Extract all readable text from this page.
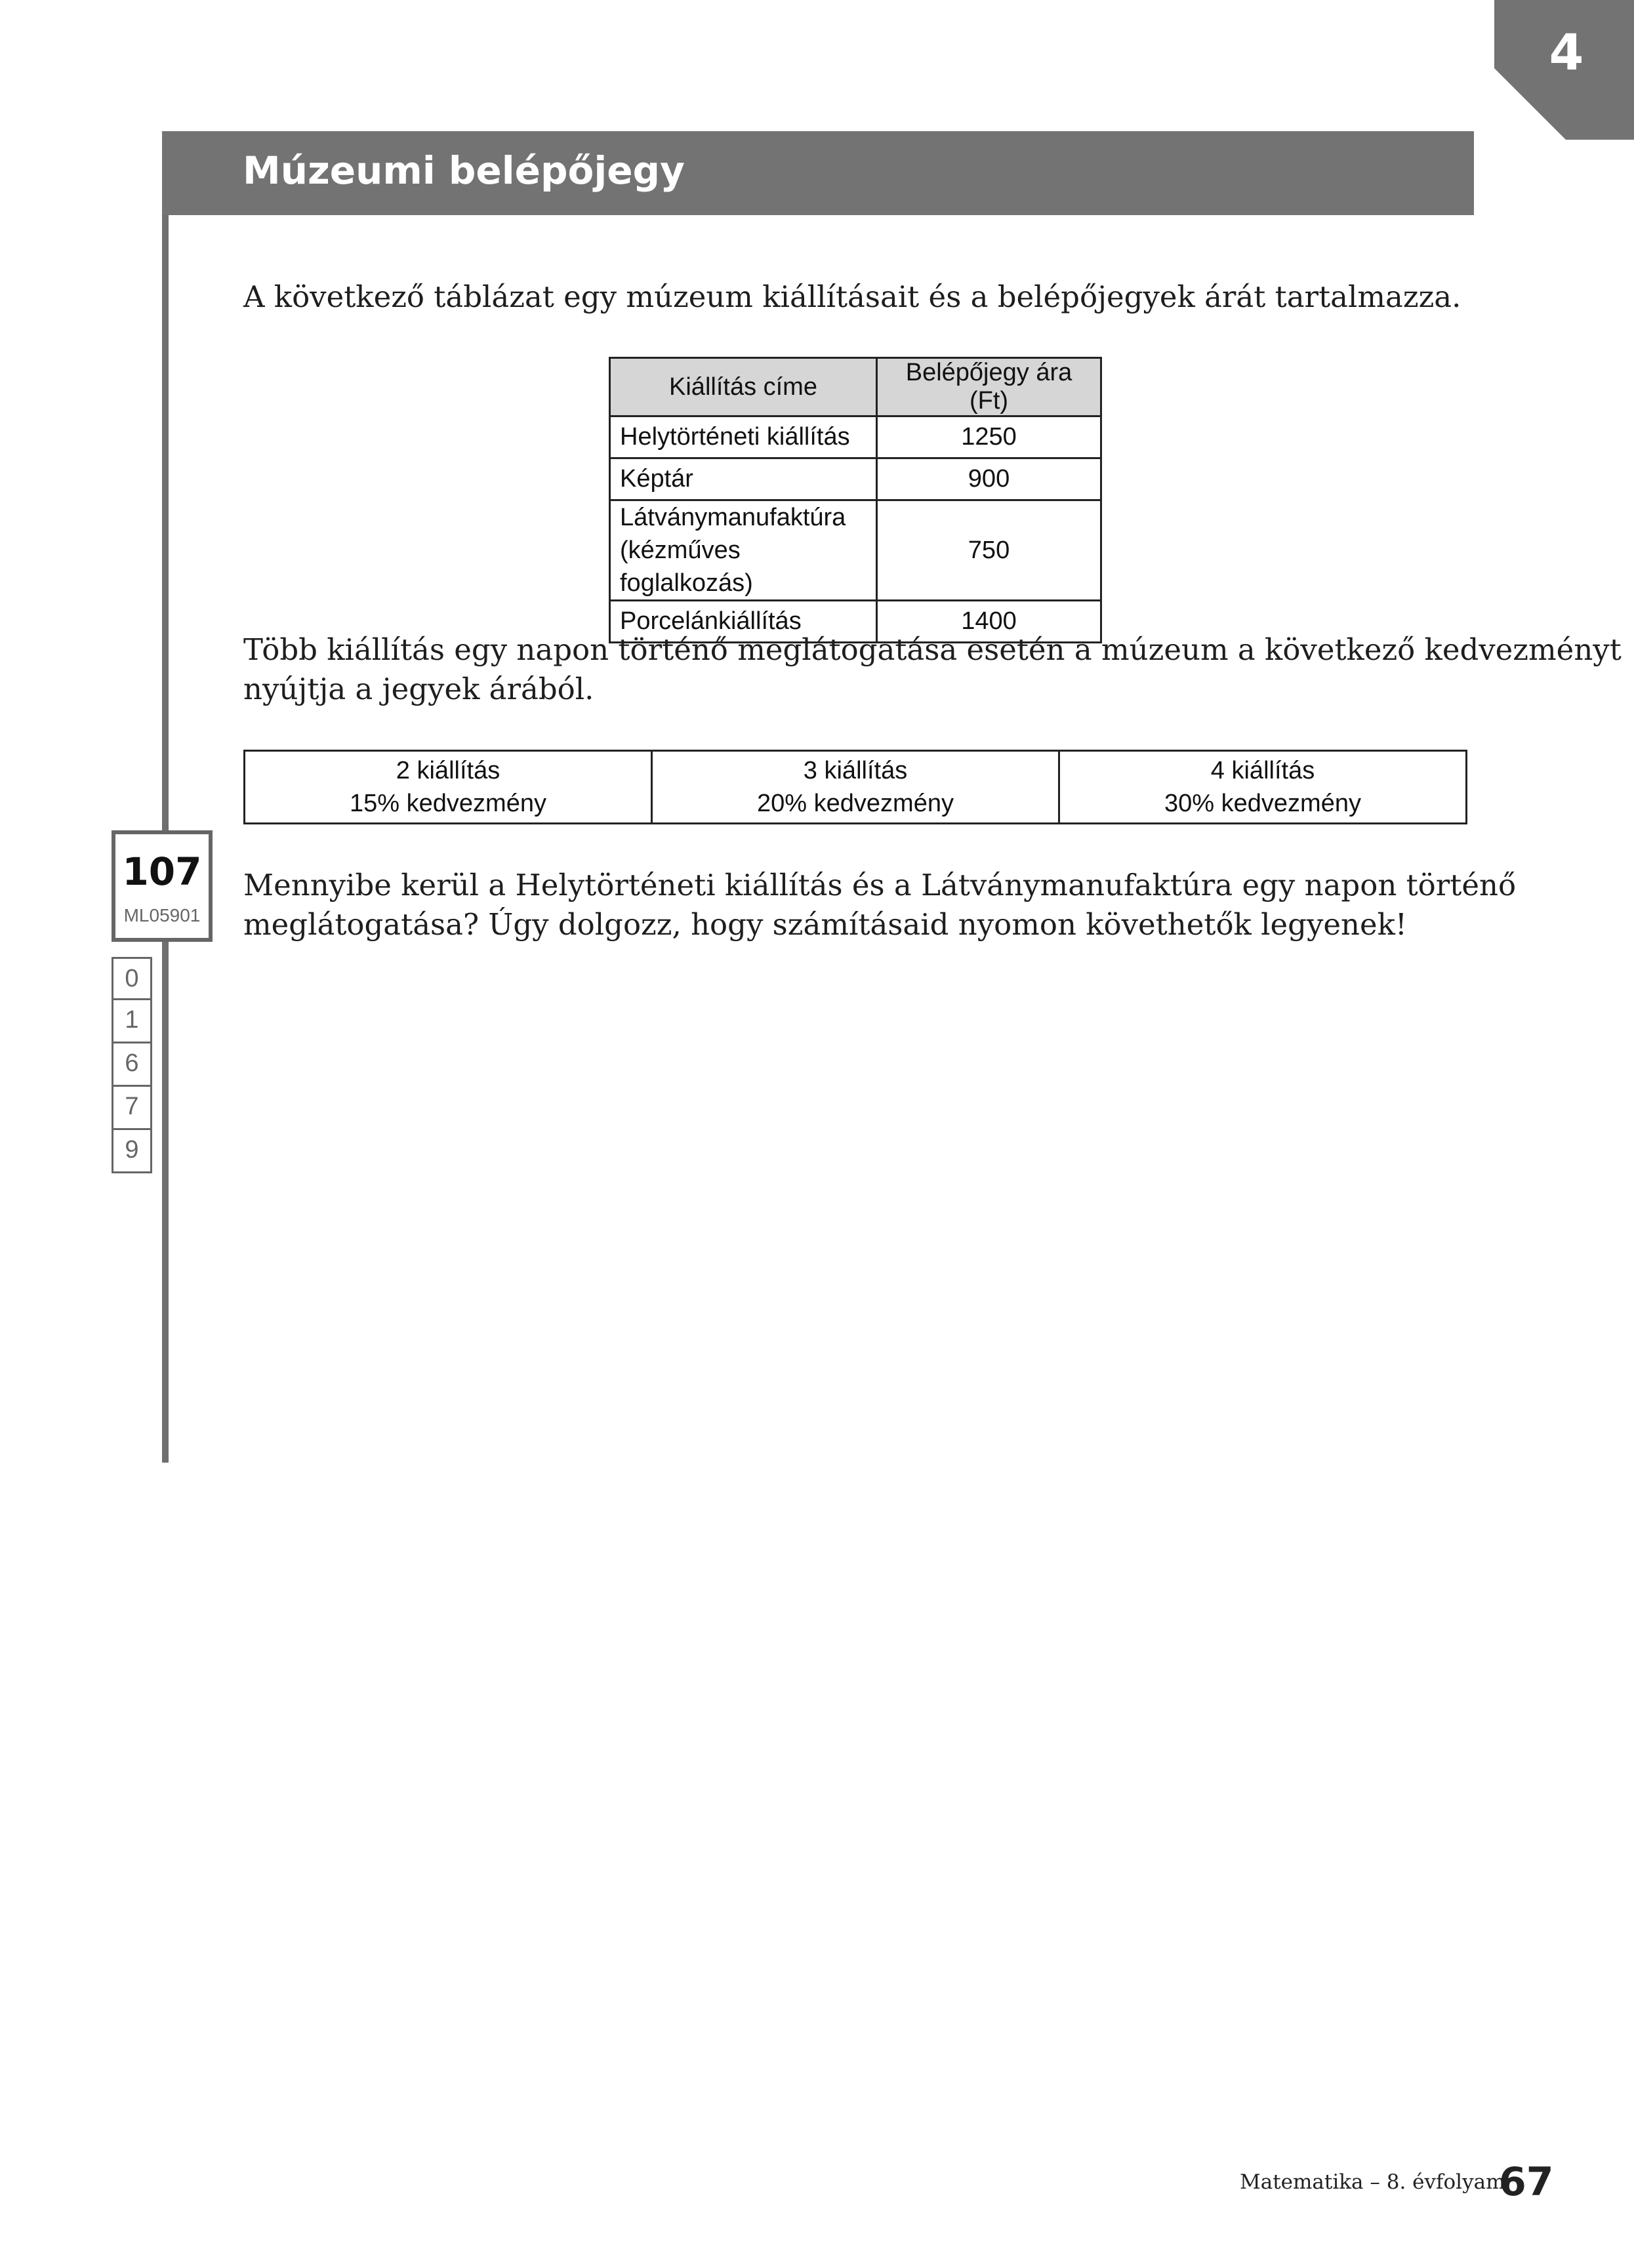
4
Múzeumi belépőjegy
A következő táblázat egy múzeum kiállításait és a belépőjegyek árát tartalmazza.
Kiállítás címe	Belépőjegy ára (Ft)
Helytörténeti kiállítás	1250
Képtár	900
Látványmanufaktúra
(kézműves foglalkozás)	750
Porcelánkiállítás	1400
Több kiállítás egy napon történő meglátogatása esetén a múzeum a következő kedvezményt
nyújtja a jegyek árából.
2 kiállítás
15% kedvezmény	3 kiállítás
20% kedvezmény	4 kiállítás
30% kedvezmény
107
ML05901
0
1
6
7
9
Mennyibe kerül a Helytörténeti kiállítás és a Látványmanufaktúra egy napon történő
meglátogatása? Úgy dolgozz, hogy számításaid nyomon követhetők legyenek!
Matematika – 8. évfolyam
67
